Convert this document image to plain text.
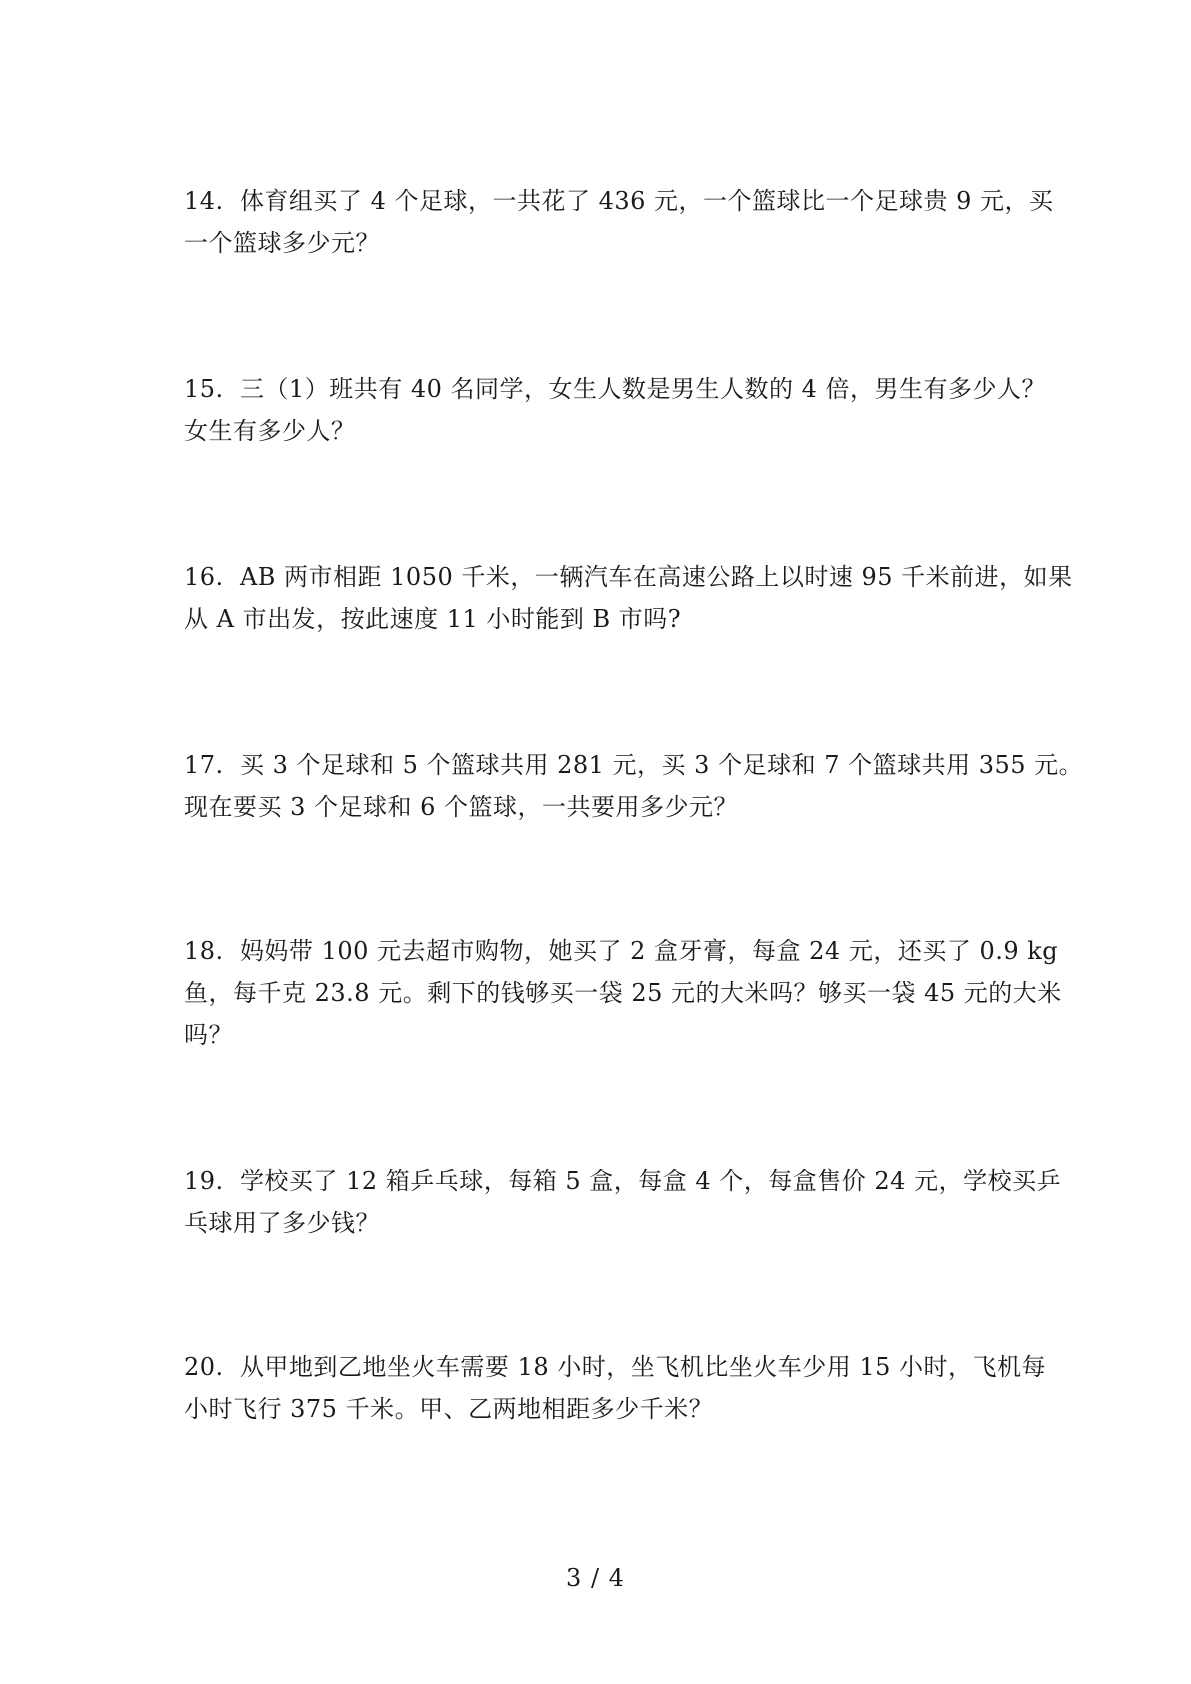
14. 体育组买了 4 个足球，一共花了 436 元，一个篮球比一个足球贵 9 元，买
一个篮球多少元？
15. 三（1）班共有 40 名同学，女生人数是男生人数的 4 倍，男生有多少人？
女生有多少人？
16. AB 两市相距 1050 千米，一辆汽车在高速公路上以时速 95 千米前进，如果
从 A 市出发，按此速度 11 小时能到 B 市吗?
17. 买 3 个足球和 5 个篮球共用 281 元，买 3 个足球和 7 个篮球共用 355 元。
现在要买 3 个足球和 6 个篮球，一共要用多少元？
18. 妈妈带 100 元去超市购物，她买了 2 盒牙膏，每盒 24 元，还买了 0.9 kg
鱼，每千克 23.8 元。剩下的钱够买一袋 25 元的大米吗？够买一袋 45 元的大米
吗？
19. 学校买了 12 箱乒乓球，每箱 5 盒，每盒 4 个，每盒售价 24 元，学校买乒
乓球用了多少钱？
20. 从甲地到乙地坐火车需要 18 小时，坐飞机比坐火车少用 15 小时，飞机每
小时飞行 375 千米。甲、乙两地相距多少千米？
3 / 4
